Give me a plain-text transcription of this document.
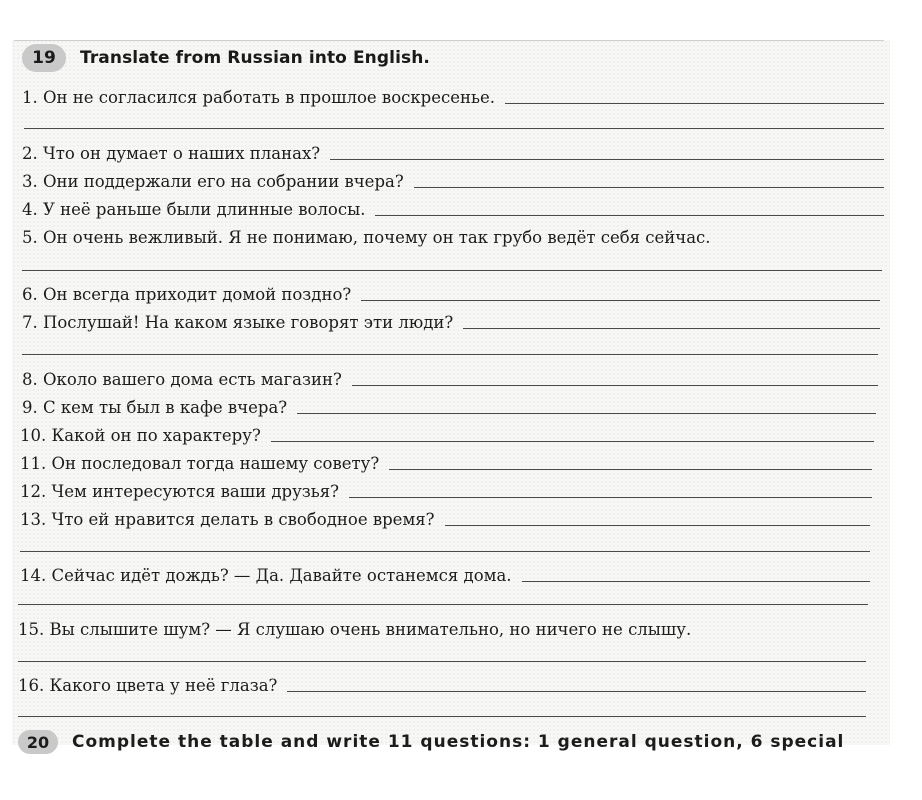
19	Translate from Russian into English.
1. Он не согласился работать в прошлое воскресенье.
2. Что он думает о наших планах?
3. Они поддержали его на собрании вчера?
4. У неё раньше были длинные волосы.
5. Он очень вежливый. Я не понимаю, почему он так грубо ведёт себя сейчас.
6. Он всегда приходит домой поздно?
7. Послушай! На каком языке говорят эти люди?
8. Около вашего дома есть магазин?
9. С кем ты был в кафе вчера?
10. Какой он по характеру?
11. Он последовал тогда нашему совету?
12. Чем интересуются ваши друзья?
13. Что ей нравится делать в свободное время?
14. Сейчас идёт дождь? — Да. Давайте останемся дома.
15. Вы слышите шум? — Я слушаю очень внимательно, но ничего не слышу.
16. Какого цвета у неё глаза?
20	Complete the table and write 11 questions: 1 general question, 6 special
